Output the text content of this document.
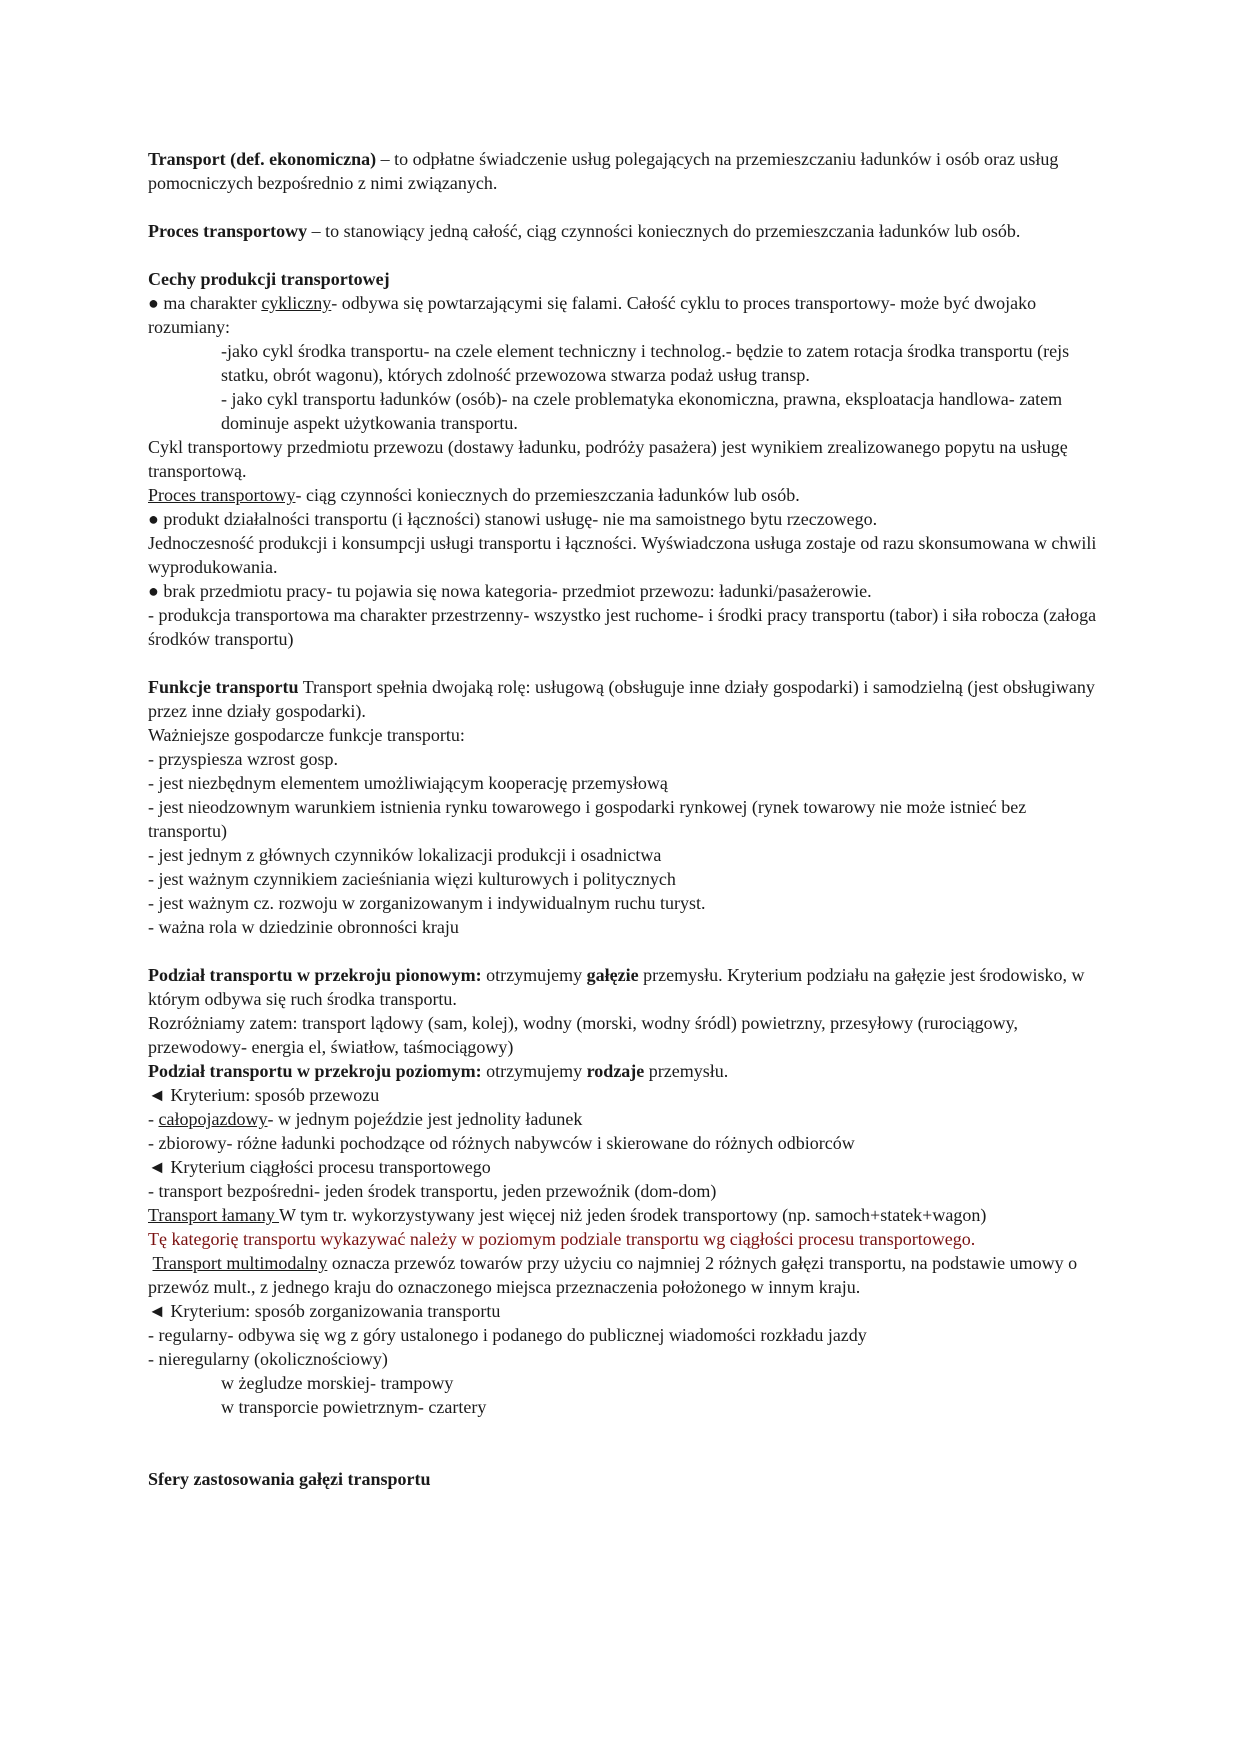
Transport (def. ekonomiczna) – to odpłatne świadczenie usług polegających na przemieszczaniu ładunków i osób oraz usług pomocniczych bezpośrednio z nimi związanych.

Proces transportowy – to stanowiący jedną całość, ciąg czynności koniecznych do przemieszczania ładunków lub osób.

Cechy produkcji transportowej

● ma charakter cykliczny- odbywa się powtarzającymi się falami. Całość cyklu to proces transportowy- może być dwojako rozumiany:

-jako cykl środka transportu- na czele element techniczny i technolog.- będzie to zatem rotacja środka transportu (rejs statku, obrót wagonu), których zdolność przewozowa stwarza podaż usług transp.

- jako cykl transportu ładunków (osób)- na czele problematyka ekonomiczna, prawna, eksploatacja handlowa- zatem dominuje aspekt użytkowania transportu.

Cykl transportowy przedmiotu przewozu (dostawy ładunku, podróży pasażera) jest wynikiem zrealizowanego popytu na usługę transportową.

Proces transportowy- ciąg czynności koniecznych do przemieszczania ładunków lub osób.

● produkt działalności transportu (i łączności) stanowi usługę- nie ma samoistnego bytu rzeczowego.

Jednoczesność produkcji i konsumpcji usługi transportu i łączności. Wyświadczona usługa zostaje od razu skonsumowana w chwili wyprodukowania.

● brak przedmiotu pracy- tu pojawia się nowa kategoria- przedmiot przewozu: ładunki/pasażerowie.

- produkcja transportowa ma charakter przestrzenny- wszystko jest ruchome- i środki pracy transportu (tabor) i siła robocza (załoga środków transportu)

Funkcje transportu Transport spełnia dwojaką rolę: usługową (obsługuje inne działy gospodarki) i samodzielną (jest obsługiwany przez inne działy gospodarki).

Ważniejsze gospodarcze funkcje transportu:

- przyspiesza wzrost gosp.

- jest niezbędnym elementem umożliwiającym kooperację przemysłową

- jest nieodzownym warunkiem istnienia rynku towarowego i gospodarki rynkowej (rynek towarowy nie może istnieć bez transportu)

- jest jednym z głównych czynników lokalizacji produkcji i osadnictwa

- jest ważnym czynnikiem zacieśniania więzi kulturowych i politycznych

- jest ważnym cz. rozwoju w zorganizowanym i indywidualnym ruchu turyst.

- ważna rola w dziedzinie obronności kraju

Podział transportu w przekroju pionowym: otrzymujemy gałęzie przemysłu. Kryterium podziału na gałęzie jest środowisko, w którym odbywa się ruch środka transportu.

Rozróżniamy zatem: transport lądowy (sam, kolej), wodny (morski, wodny śródl) powietrzny, przesyłowy (rurociągowy, przewodowy- energia el, światłow, taśmociągowy)

Podział transportu w przekroju poziomym: otrzymujemy rodzaje przemysłu.

◄ Kryterium: sposób przewozu

- całopojazdowy- w jednym pojeździe jest jednolity ładunek

- zbiorowy- różne ładunki pochodzące od różnych nabywców i skierowane do różnych odbiorców

◄ Kryterium ciągłości procesu transportowego

- transport bezpośredni- jeden środek transportu, jeden przewoźnik (dom-dom)

Transport łamany W tym tr. wykorzystywany jest więcej niż jeden środek transportowy (np. samoch+statek+wagon)

Tę kategorię transportu wykazywać należy w poziomym podziale transportu wg ciągłości procesu transportowego.

Transport multimodalny oznacza przewóz towarów przy użyciu co najmniej 2 różnych gałęzi transportu, na podstawie umowy o przewóz mult., z jednego kraju do oznaczonego miejsca przeznaczenia położonego w innym kraju.

◄ Kryterium: sposób zorganizowania transportu

- regularny- odbywa się wg z góry ustalonego i podanego do publicznej wiadomości rozkładu jazdy

- nieregularny (okolicznościowy)

w żegludze morskiej- trampowy

w transporcie powietrznym- czartery

Sfery zastosowania gałęzi transportu
